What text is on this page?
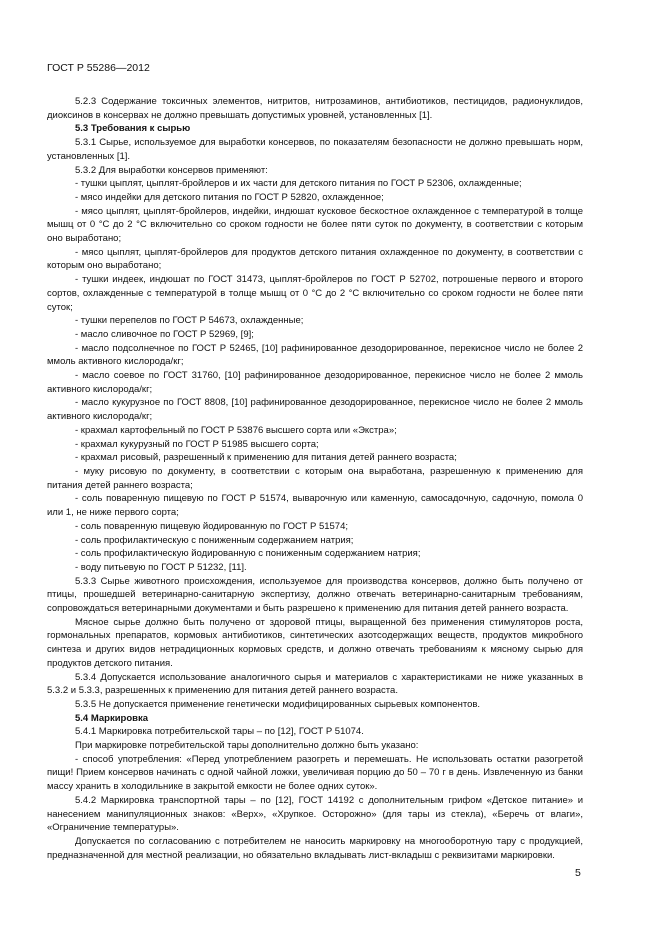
ГОСТ Р 55286—2012
5.2.3 Содержание токсичных элементов, нитритов, нитрозаминов, антибиотиков, пестицидов, радионуклидов, диоксинов в консервах не должно превышать допустимых уровней, установленных [1].
5.3 Требования к сырью
5.3.1 Сырье, используемое для выработки консервов, по показателям безопасности не должно превышать норм, установленных [1].
5.3.2 Для выработки консервов применяют:
- тушки цыплят, цыплят-бройлеров и их части для детского питания по ГОСТ Р 52306, охлажденные;
- мясо индейки для детского питания по ГОСТ Р 52820, охлажденное;
- мясо цыплят, цыплят-бройлеров, индейки, индюшат кусковое бескостное охлажденное с температурой в толще мышц от 0 °С до 2 °С включительно со сроком годности не более пяти суток по документу, в соответствии с которым оно выработано;
- мясо цыплят, цыплят-бройлеров для продуктов детского питания охлажденное по документу, в соответствии с которым оно выработано;
- тушки индеек, индюшат по ГОСТ 31473, цыплят-бройлеров по ГОСТ Р 52702, потрошеные первого и второго сортов, охлажденные с температурой в толще мышц от 0 °С до 2 °С включительно со сроком годности не более пяти суток;
- тушки перепелов по ГОСТ Р 54673, охлажденные;
- масло сливочное по ГОСТ Р 52969, [9];
- масло подсолнечное по ГОСТ Р 52465, [10] рафинированное дезодорированное, перекисное число не более 2 ммоль активного кислорода/кг;
- масло соевое по ГОСТ 31760, [10] рафинированное дезодорированное, перекисное число не более 2 ммоль активного кислорода/кг;
- масло кукурузное по ГОСТ 8808, [10] рафинированное дезодорированное, перекисное число не более 2 ммоль активного кислорода/кг;
- крахмал картофельный по ГОСТ Р 53876 высшего сорта или «Экстра»;
- крахмал кукурузный по ГОСТ Р 51985 высшего сорта;
- крахмал рисовый, разрешенный к применению для питания детей раннего возраста;
- муку рисовую по документу, в соответствии с которым она выработана, разрешенную к применению для питания детей раннего возраста;
- соль поваренную пищевую по ГОСТ Р 51574, выварочную или каменную, самосадочную, садочную, помола 0 или 1, не ниже первого сорта;
- соль поваренную пищевую йодированную по ГОСТ Р 51574;
- соль профилактическую с пониженным содержанием натрия;
- соль профилактическую йодированную с пониженным содержанием натрия;
- воду питьевую по ГОСТ Р 51232, [11].
5.3.3 Сырье животного происхождения, используемое для производства консервов, должно быть получено от птицы, прошедшей ветеринарно-санитарную экспертизу, должно отвечать ветеринарно-санитарным требованиям, сопровождаться ветеринарными документами и быть разрешено к применению для питания детей раннего возраста.
Мясное сырье должно быть получено от здоровой птицы, выращенной без применения стимуляторов роста, гормональных препаратов, кормовых антибиотиков, синтетических азотсодержащих веществ, продуктов микробного синтеза и других видов нетрадиционных кормовых средств, и должно отвечать требованиям к мясному сырью для продуктов детского питания.
5.3.4 Допускается использование аналогичного сырья и материалов с характеристиками не ниже указанных в 5.3.2 и 5.3.3, разрешенных к применению для питания детей раннего возраста.
5.3.5 Не допускается применение генетически модифицированных сырьевых компонентов.
5.4 Маркировка
5.4.1 Маркировка потребительской тары – по [12], ГОСТ Р 51074.
При маркировке потребительской тары дополнительно должно быть указано:
- способ употребления: «Перед употреблением разогреть и перемешать. Не использовать остатки разогретой пищи! Прием консервов начинать с одной чайной ложки, увеличивая порцию до 50 – 70 г в день. Извлеченную из банки массу хранить в холодильнике в закрытой емкости не более одних суток».
5.4.2 Маркировка транспортной тары – по [12], ГОСТ 14192 с дополнительным грифом «Детское питание» и нанесением манипуляционных знаков: «Верх», «Хрупкое. Осторожно» (для тары из стекла), «Беречь от влаги», «Ограничение температуры».
Допускается по согласованию с потребителем не наносить маркировку на многооборотную тару с продукцией, предназначенной для местной реализации, но обязательно вкладывать лист-вкладыш с реквизитами маркировки.
5
